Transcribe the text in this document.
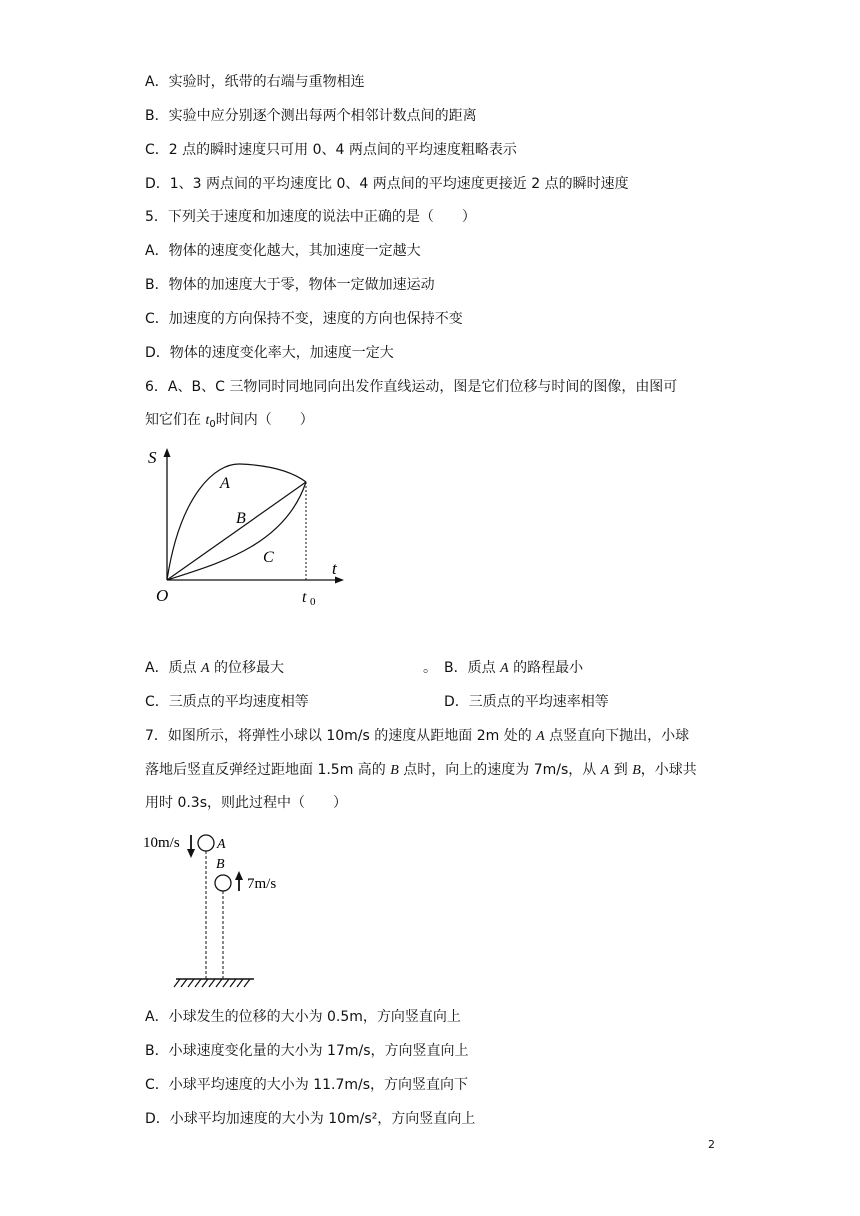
A．实验时，纸带的右端与重物相连
B．实验中应分别逐个测出每两个相邻计数点间的距离
C．2 点的瞬时速度只可用 0、4 两点间的平均速度粗略表示
D．1、3 两点间的平均速度比 0、4 两点间的平均速度更接近 2 点的瞬时速度
5．下列关于速度和加速度的说法中正确的是（　　）
A．物体的速度变化越大，其加速度一定越大
B．物体的加速度大于零，物体一定做加速运动
C．加速度的方向保持不变，速度的方向也保持不变
D．物体的速度变化率大，加速度一定大
6．A、B、C 三物同时同地同向出发作直线运动，图是它们位移与时间的图像，由图可
知它们在 $t_0$时间内（　　）
S
t
O	t 0
A
B
C
A．质点 A 的位移最大	。 B．质点 A 的路程最小
C．三质点的平均速度相等	D．三质点的平均速率相等
7．如图所示，将弹性小球以 10m/s 的速度从距地面 2m 处的 A 点竖直向下抛出，小球
落地后竖直反弹经过距地面 1.5m 高的 B 点时，向上的速度为 7m/s，从 A 到 B，小球共
用时 0.3s，则此过程中（　　）
10m/s	A
B
7m/s
A．小球发生的位移的大小为 0.5m，方向竖直向上
B．小球速度变化量的大小为 17m/s，方向竖直向上
C．小球平均速度的大小为 11.7m/s，方向竖直向下
D．小球平均加速度的大小为 10m/s²，方向竖直向上
2
